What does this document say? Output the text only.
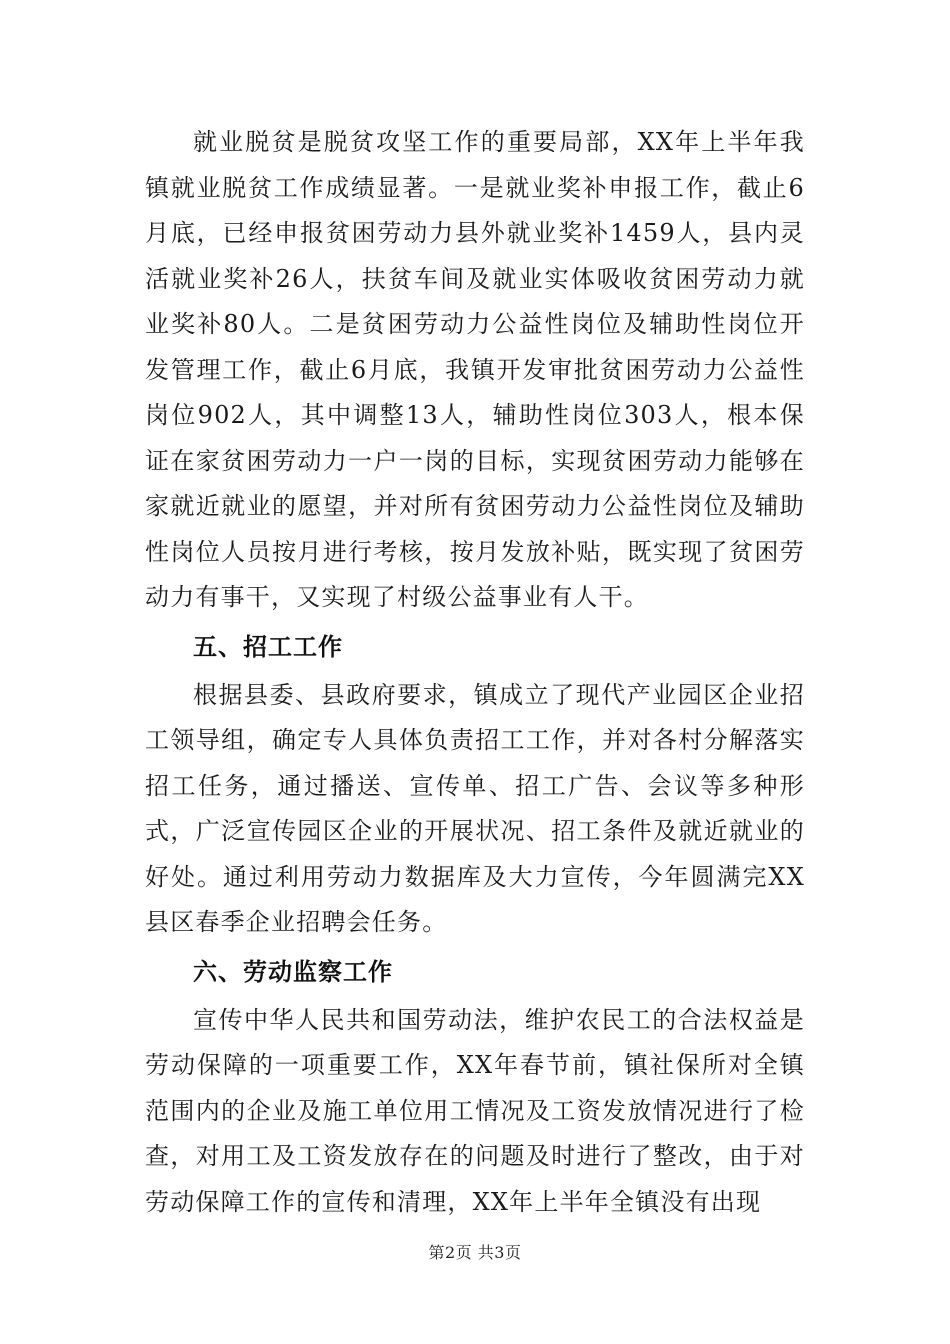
就业脱贫是脱贫攻坚工作的重要局部，XX年上半年我镇就业脱贫工作成绩显著。一是就业奖补申报工作，截止6月底，已经申报贫困劳动力县外就业奖补1459人，县内灵活就业奖补26人，扶贫车间及就业实体吸收贫困劳动力就业奖补80人。二是贫困劳动力公益性岗位及辅助性岗位开发管理工作，截止6月底，我镇开发审批贫困劳动力公益性岗位902人，其中调整13人，辅助性岗位303人，根本保证在家贫困劳动力一户一岗的目标，实现贫困劳动力能够在家就近就业的愿望，并对所有贫困劳动力公益性岗位及辅助性岗位人员按月进行考核，按月发放补贴，既实现了贫困劳动力有事干，又实现了村级公益事业有人干。

五、招工工作

根据县委、县政府要求，镇成立了现代产业园区企业招工领导组，确定专人具体负责招工工作，并对各村分解落实招工任务，通过播送、宣传单、招工广告、会议等多种形式，广泛宣传园区企业的开展状况、招工条件及就近就业的好处。通过利用劳动力数据库及大力宣传，今年圆满完XX县区春季企业招聘会任务。

六、劳动监察工作

宣传中华人民共和国劳动法，维护农民工的合法权益是劳动保障的一项重要工作，XX年春节前，镇社保所对全镇范围内的企业及施工单位用工情况及工资发放情况进行了检查，对用工及工资发放存在的问题及时进行了整改，由于对劳动保障工作的宣传和清理，XX年上半年全镇没有出现

第2页 共3页
